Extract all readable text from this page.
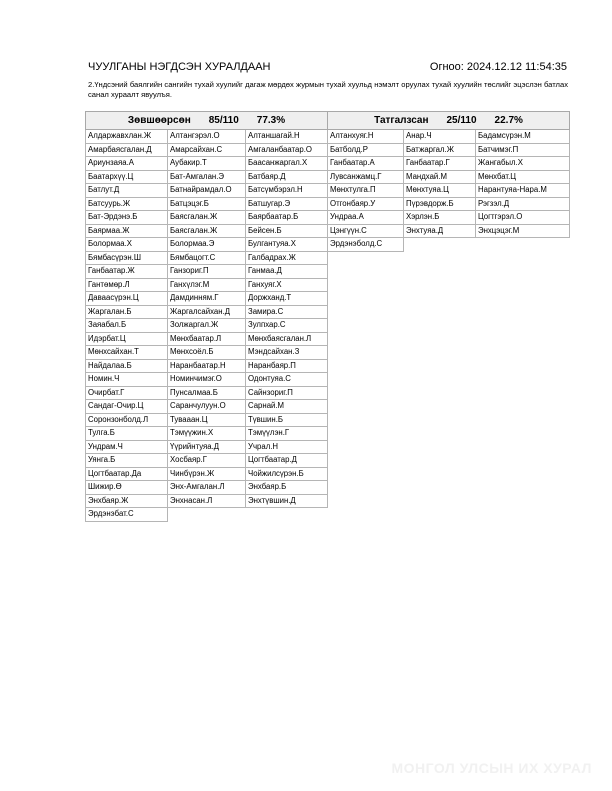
ЧУУЛГАНЫ НЭГДСЭН ХУРАЛДААН	Огноо: 2024.12.12 11:54:35
2.Үндсэний баялгийн сангийн тухай хуулийг дагаж мөрдөх журмын тухай хуульд нэмэлт оруулах тухай хуулийн төслийг эцэслэн батлах санал хураалт явуулъя.
Зөвшөөрсөн 85/110 77.3%		
Алдаржавхлан.Ж	Алтангэрэл.О	Алтаншагай.Н
Амарбаясгалан.Д	Амарсайхан.С	Амгаланбаатар.О
Ариунзаяа.А	Аубакир.Т	Баасанжаргал.Х
Баатархүү.Ц	Бат-Амгалан.Э	Батбаяр.Д
Батлут.Д	Батнайрамдал.О	Батсүмбэрэл.Н
Батсуурь.Ж	Батцэцэг.Б	Батшугар.Э
Бат-Эрдэнэ.Б	Баясгалан.Ж	Баярбаатар.Б
Баярмаа.Ж	Баясгалан.Ж	Бейсен.Б
Болормаа.Х	Болормаа.Э	Булгантуяа.Х
Бямбасүрэн.Ш	Бямбацогт.С	Галбадрах.Ж
Ганбаатар.Ж	Ганзориг.П	Ганмаа.Д
Гантөмөр.Л	Ганхүлэг.М	Ганхуяг.Х
Даваасүрэн.Ц	Дамдинням.Г	Доржханд.Т
Жаргалан.Б	Жаргалсайхан.Д	Замира.С
Заяабал.Б	Золжаргал.Ж	Зулпхар.С
Идэрбат.Ц	Мөнхбаатар.Л	Мөнхбаясгалан.Л
Мөнхсайхан.Т	Мөнхсоёл.Б	Мэндсайхан.З
Найдалаа.Б	Наранбаатар.Н	Наранбаяр.П
Номин.Ч	Номинчимэг.О	Одонтуяа.С
Очирбат.Г	Пунсалмаа.Б	Сайнзориг.П
Сандаг-Очир.Ц	Саранчулуун.О	Сарнай.М
Соронзонболд.Л	Тувааан.Ц	Түвшин.Б
Тулга.Б	Тэмүүжин.Х	Тэмүүлэн.Г
Ундрам.Ч	Үүрийнтуяа.Д	Учрал.Н
Уянга.Б	Хосбаяр.Г	Цогтбаатар.Д
Цогтбаатар.Да	Чинбүрэн.Ж	Чойжилсүрэн.Б
Шижир.Ө	Энх-Амгалан.Л	Энхбаяр.Б
Энхбаяр.Ж	Энхнасан.Л	Энхтүвшин.Д
Эрдэнэбат.С		
Татгалзсан 25/110 22.7%		
Алтанхуяг.Н	Анар.Ч	Бадамсүрэн.М
Батболд.Р	Батжаргал.Ж	Батчимэг.П
Ганбаатар.А	Ганбаатар.Г	Жангабыл.Х
Лувсанжамц.Г	Мандхай.М	Мөнхбат.Ц
Мөнхтулга.П	Мөнхтуяа.Ц	Нарантуяа-Нара.М
Отгонбаяр.У	Пүрэвдорж.Б	Рэгзэл.Д
Ундраа.А	Хэрлэн.Б	Цогтгэрэл.О
Цэнгүүн.С	Энхтуяа.Д	Энхцэцэг.М
Эрдэнэболд.С		
МОНГОЛ УЛСЫН ИХ ХУРАЛ
